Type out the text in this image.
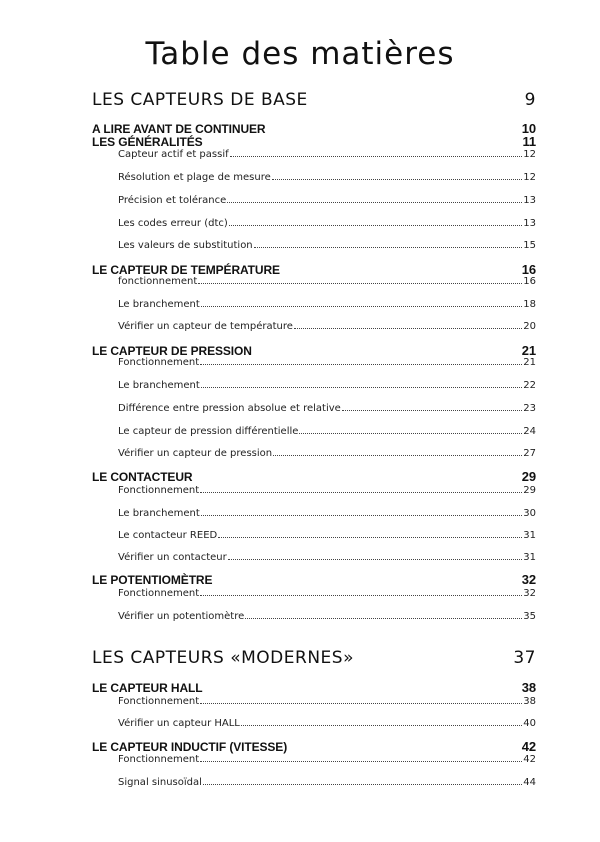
Table des matières
LES CAPTEURS DE BASE	9
A LIRE AVANT DE CONTINUER	10
LES GÉNÉRALITÉS	11
Capteur actif et passif	12
Résolution et plage de mesure	12
Précision et tolérance	13
Les codes erreur (dtc)	13
Les valeurs de substitution	15
LE CAPTEUR DE TEMPÉRATURE	16
fonctionnement	16
Le branchement	18
Vérifier un capteur de température	20
LE CAPTEUR DE PRESSION	21
Fonctionnement	21
Le branchement	22
Différence entre pression absolue et relative	23
Le capteur de pression différentielle	24
Vérifier un capteur de pression	27
LE CONTACTEUR	29
Fonctionnement	29
Le branchement	30
Le contacteur REED	31
Vérifier un contacteur	31
LE POTENTIOMÈTRE	32
Fonctionnement	32
Vérifier un potentiomètre	35
LES CAPTEURS «MODERNES»	37
LE CAPTEUR HALL	38
Fonctionnement	38
Vérifier un capteur HALL	40
LE CAPTEUR INDUCTIF (VITESSE)	42
Fonctionnement	42
Signal sinusoïdal	44
